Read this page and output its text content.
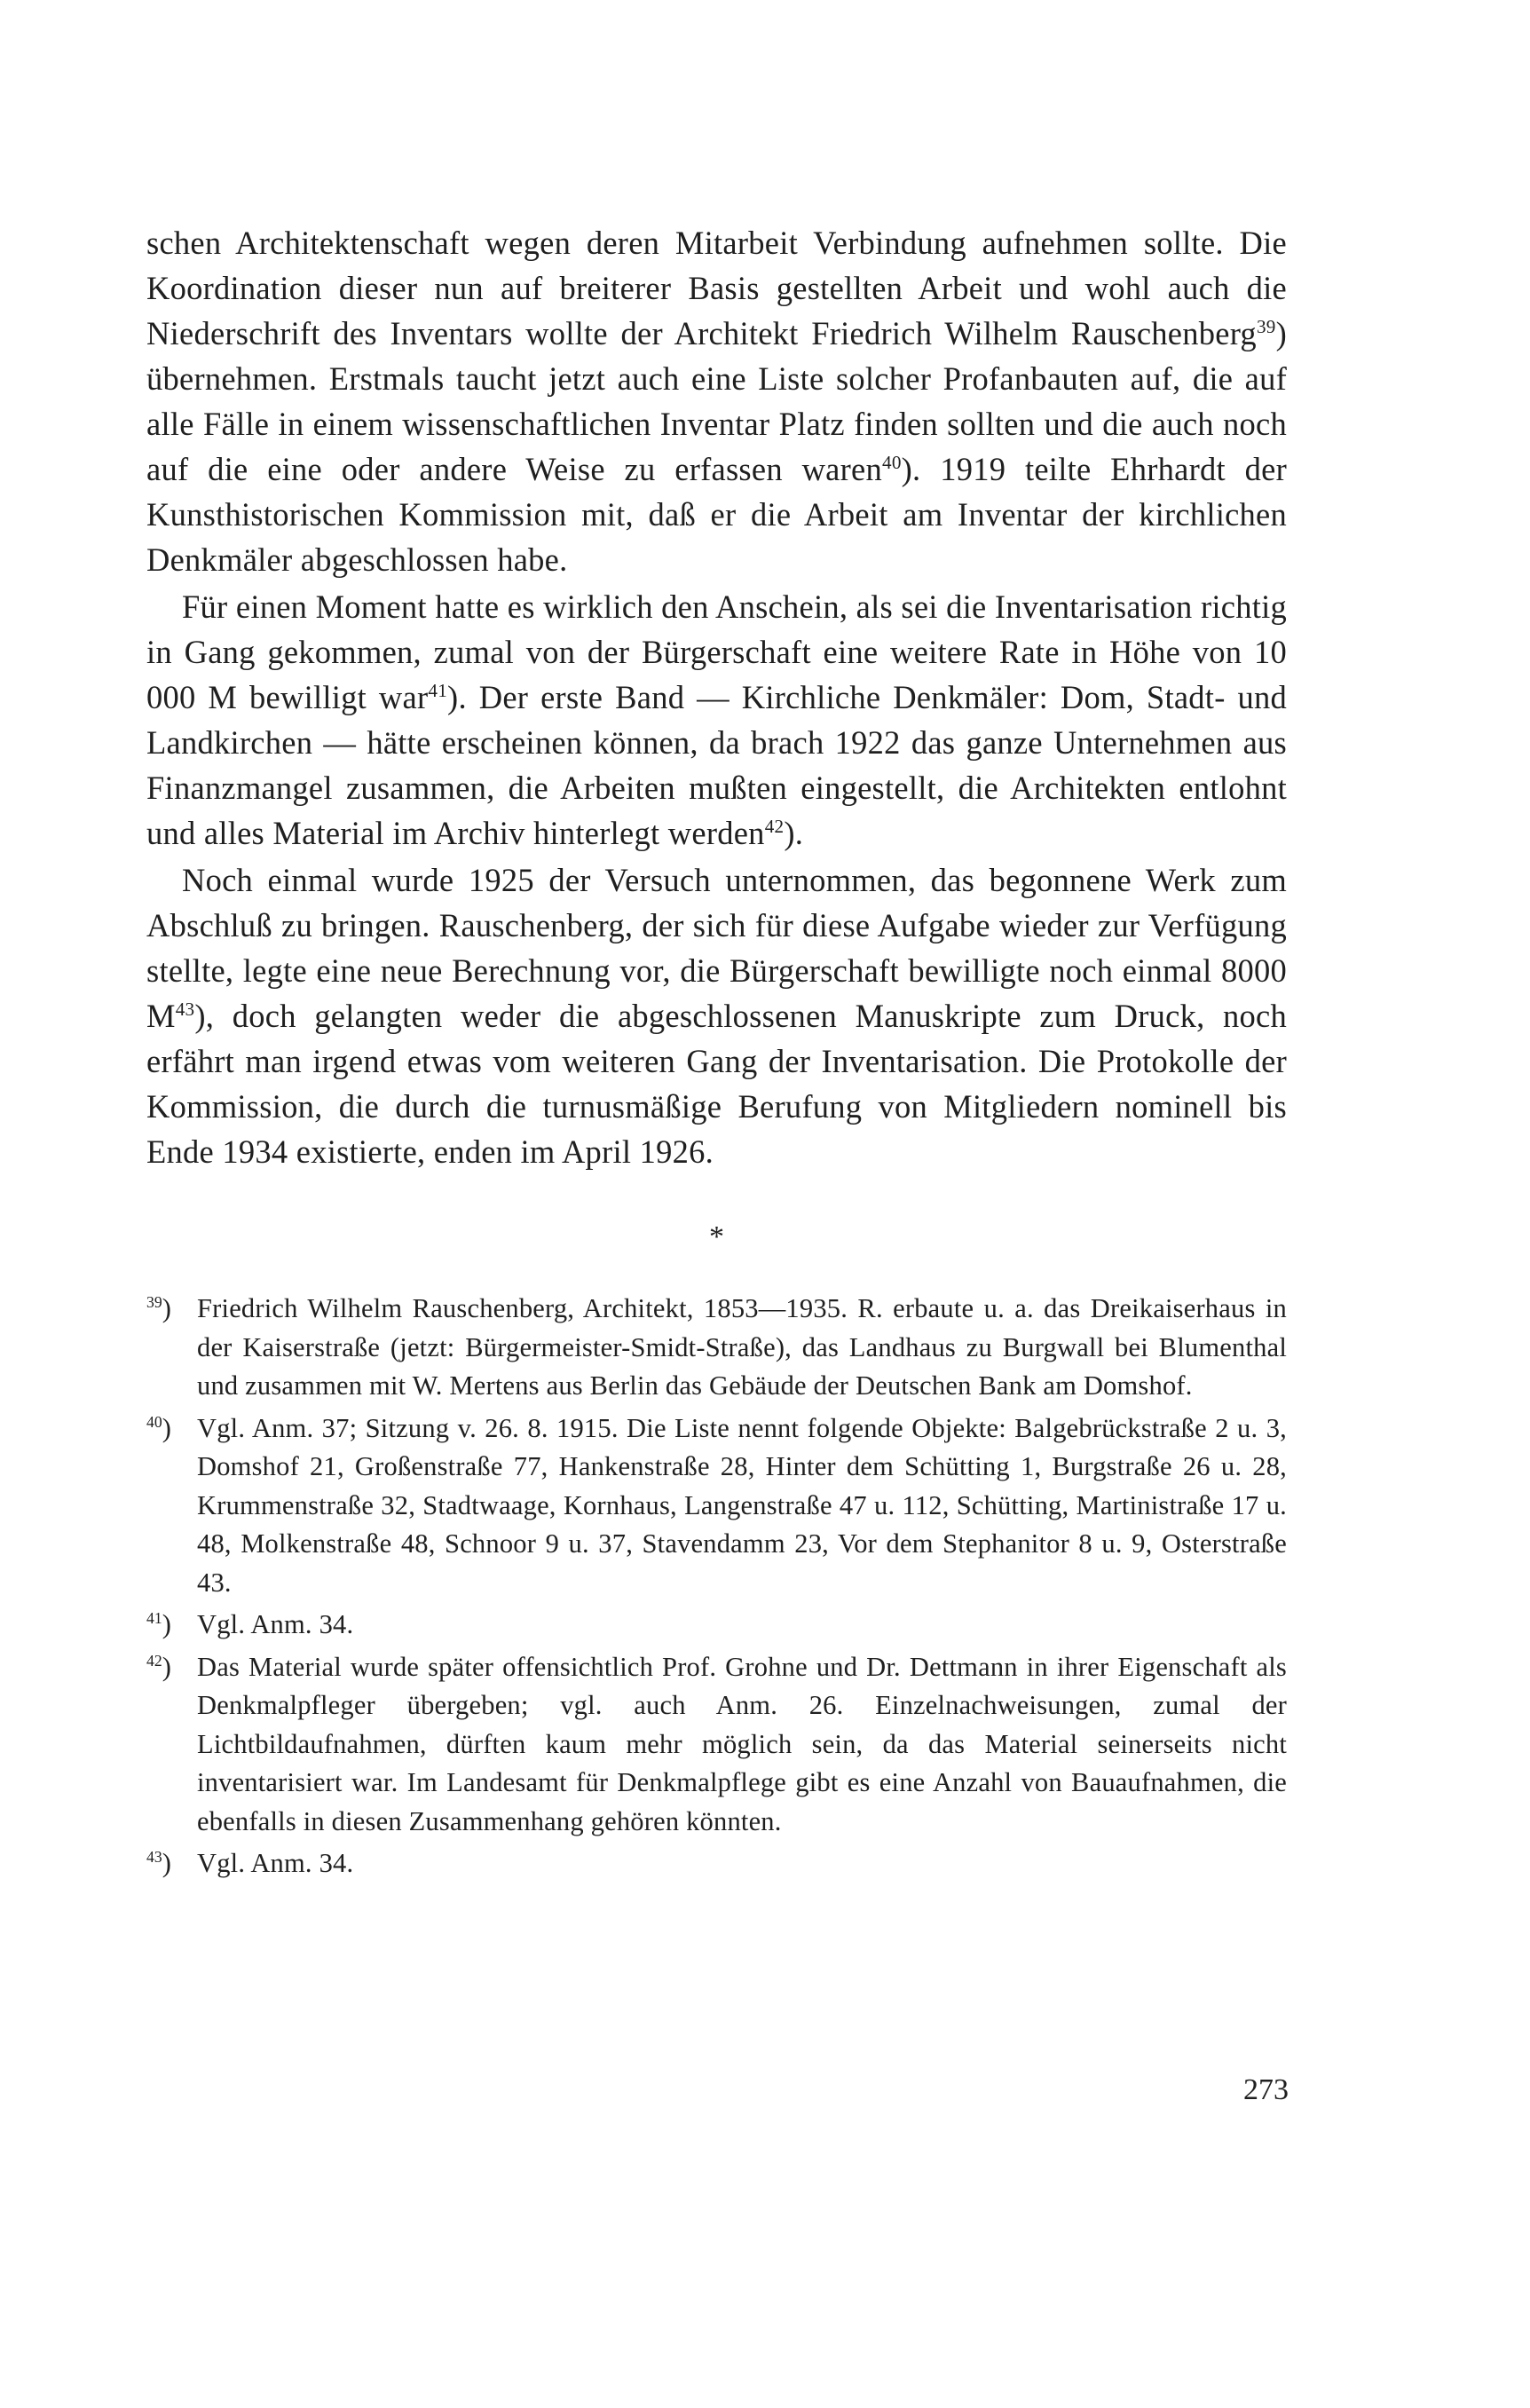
schen Architektenschaft wegen deren Mitarbeit Verbindung aufnehmen sollte. Die Koordination dieser nun auf breiterer Basis gestellten Arbeit und wohl auch die Niederschrift des Inventars wollte der Architekt Friedrich Wilhelm Rauschenberg$^{39}$) übernehmen. Erstmals taucht jetzt auch eine Liste solcher Profanbauten auf, die auf alle Fälle in einem wissenschaftlichen Inventar Platz finden sollten und die auch noch auf die eine oder andere Weise zu erfassen waren$^{40}$). 1919 teilte Ehrhardt der Kunsthistorischen Kommission mit, daß er die Arbeit am Inventar der kirchlichen Denkmäler abgeschlossen habe.

Für einen Moment hatte es wirklich den Anschein, als sei die Inventarisation richtig in Gang gekommen, zumal von der Bürgerschaft eine weitere Rate in Höhe von 10 000 M bewilligt war$^{41}$). Der erste Band — Kirchliche Denkmäler: Dom, Stadt- und Landkirchen — hätte erscheinen können, da brach 1922 das ganze Unternehmen aus Finanzmangel zusammen, die Arbeiten mußten eingestellt, die Architekten entlohnt und alles Material im Archiv hinterlegt werden$^{42}$).

Noch einmal wurde 1925 der Versuch unternommen, das begonnene Werk zum Abschluß zu bringen. Rauschenberg, der sich für diese Aufgabe wieder zur Verfügung stellte, legte eine neue Berechnung vor, die Bürgerschaft bewilligte noch einmal 8000 $M^{43}$), doch gelangten weder die abgeschlossenen Manuskripte zum Druck, noch erfährt man irgend etwas vom weiteren Gang der Inventarisation. Die Protokolle der Kommission, die durch die turnusmäßige Berufung von Mitgliedern nominell bis Ende 1934 existierte, enden im April 1926.

*
$^{39}$) Friedrich Wilhelm Rauschenberg, Architekt, 1853—1935. R. erbaute u. a. das Dreikaiserhaus in der Kaiserstraße (jetzt: Bürgermeister-Smidt-Straße), das Landhaus zu Burgwall bei Blumenthal und zusammen mit W. Mertens aus Berlin das Gebäude der Deutschen Bank am Domshof.
$^{40}$) Vgl. Anm. 37; Sitzung v. 26. 8. 1915. Die Liste nennt folgende Objekte: Balgebrückstraße 2 u. 3, Domshof 21, Großenstraße 77, Hankenstraße 28, Hinter dem Schütting 1, Burgstraße 26 u. 28, Krummenstraße 32, Stadtwaage, Kornhaus, Langenstraße 47 u. 112, Schütting, Martinistraße 17 u. 48, Molkenstraße 48, Schnoor 9 u. 37, Stavendamm 23, Vor dem Stephanitor 8 u. 9, Osterstraße 43.
$^{41}$) Vgl. Anm. 34.
$^{42}$) Das Material wurde später offensichtlich Prof. Grohne und Dr. Dettmann in ihrer Eigenschaft als Denkmalpfleger übergeben; vgl. auch Anm. 26. Einzelnachweisungen, zumal der Lichtbildaufnahmen, dürften kaum mehr möglich sein, da das Material seinerseits nicht inventarisiert war. Im Landesamt für Denkmalpflege gibt es eine Anzahl von Bauaufnahmen, die ebenfalls in diesen Zusammenhang gehören könnten.
$^{43}$) Vgl. Anm. 34.
273
